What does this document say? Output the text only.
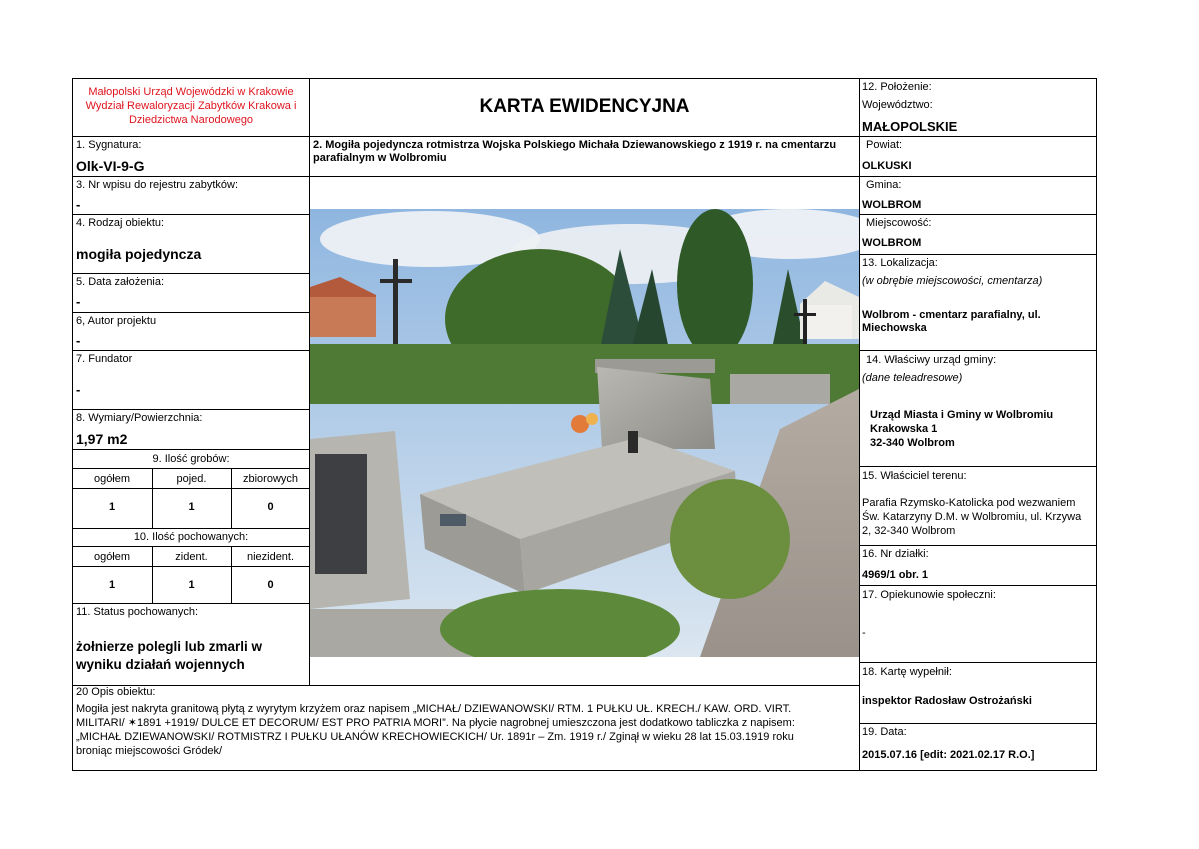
Małopolski Urząd Wojewódzki w Krakowie
Wydział Rewaloryzacji Zabytków Krakowa i
Dziedzictwa Narodowego
KARTA EWIDENCYJNA
1. Sygnatura:
Olk-VI-9-G
3. Nr wpisu do rejestru zabytków:
-
4. Rodzaj obiektu:
mogiła pojedyncza
5. Data założenia:
-
6, Autor projektu
-
7. Fundator
-
8. Wymiary/Powierzchnia:
1,97 m2
9. Ilość grobów:
ogółem	pojed.	zbiorowych
1	1	0
10. Ilość pochowanych:
ogółem	zident.	niezident.
1	1	0
11. Status pochowanych:
żołnierze polegli lub zmarli w
wyniku działań wojennych
2. Mogiła pojedyncza rotmistrza Wojska Polskiego Michała Dziewanowskiego z 1919 r. na cmentarzu
parafialnym w Wolbromiu
12. Położenie:
Województwo:
MAŁOPOLSKIE
Powiat:
OLKUSKI
Gmina:
WOLBROM
Miejscowość:
WOLBROM
13. Lokalizacja:
(w obrębie miejscowości, cmentarza)
Wolbrom - cmentarz parafialny, ul.
Miechowska
14. Właściwy urząd gminy:
(dane teleadresowe)
Urząd Miasta i Gminy w Wolbromiu
Krakowska 1
32-340 Wolbrom
15. Właściciel terenu:
Parafia Rzymsko-Katolicka pod wezwaniem
Św. Katarzyny D.M. w Wolbromiu, ul. Krzywa
2, 32-340 Wolbrom
16. Nr działki:
4969/1 obr. 1
17. Opiekunowie społeczni:
-
18. Kartę wypełnił:
inspektor Radosław Ostrożański
19. Data:
2015.07.16 [edit: 2021.02.17 R.O.]
20 Opis obiektu:
Mogiła jest nakryta granitową płytą z wyrytym krzyżem oraz napisem „MICHAŁ/ DZIEWANOWSKI/ RTM. 1 PUŁKU UŁ. KRECH./ KAW. ORD. VIRT.
MILITARI/ ✶1891 +1919/ DULCE ET DECORUM/ EST PRO PATRIA MORI”. Na płycie nagrobnej umieszczona jest dodatkowo tabliczka z napisem:
„MICHAŁ DZIEWANOWSKI/ ROTMISTRZ I PUŁKU UŁANÓW KRECHOWIECKICH/ Ur. 1891r – Zm. 1919 r./ Zginął w wieku 28 lat 15.03.1919 roku
broniąc miejscowości Gródek/
